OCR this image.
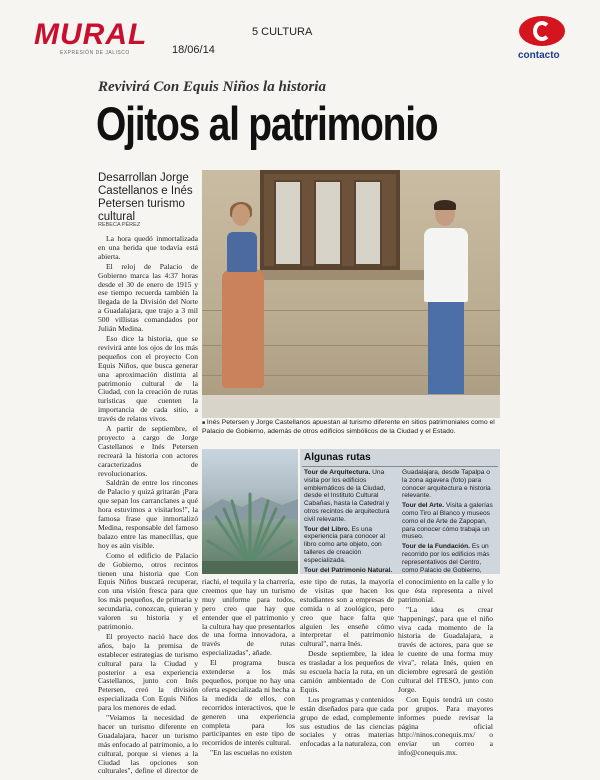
MURAL
EXPRESIÓN DE JALISCO	18/06/14
5 CULTURA
contacto
Revivirá Con Equis Niños la historia
Ojitos al patrimonio
Desarrollan Jorge Castellanos e Inés Petersen turismo cultural
REBECA PÉREZ
■ Inés Petersen y Jorge Castellanos apuestan al turismo diferente en sitios patrimoniales como el Palacio de Gobierno, además de otros edificios simbólicos de la Ciudad y el Estado.
Algunas rutas

Tour de Arquitectura. Una visita por los edificios emblemáticos de la Ciudad, desde el Instituto Cultural Cabañas, hasta la Catedral y otros recintos de arquitectura civil relevante.

Tour del Libro. Es una experiencia para conocer al libro como arte objeto, con talleres de creación especializada.

Tour del Patrimonio Natural.

Guadalajara, desde Tapalpa o la zona agavera (foto) para conocer arquitectura e historia relevante.

Tour del Arte. Visita a galerías como Tiro al Blanco y museos como el de Arte de Zapopan, para conocer cómo trabaja un museo.

Tour de la Fundación. Es un recorrido por los edificios más representativos del Centro, como Palacio de Gobierno,

La hora quedó inmortalizada en una herida que todavía está abierta.

El reloj de Palacio de Gobierno marca las 4:37 horas desde el 30 de enero de 1915 y ese tiempo recuerda también la llegada de la División del Norte a Guadalajara, que trajo a 3 mil 500 villistas comandados por Julián Medina.

Eso dice la historia, que se revivirá ante los ojos de los más pequeños con el proyecto Con Equis Niños, que busca generar una aproximación distinta al patrimonio cultural de la Ciudad, con la creación de rutas turísticas que cuenten la importancia de cada sitio, a través de relatos vivos.

A partir de septiembre, el proyecto a cargo de Jorge Castellanos e Inés Petersen recreará la historia con actores caracterizados de revolucionarios.

Saldrán de entre los rincones de Palacio y quizá gritarán ¡Para que sepan los carranclanes a qué hora estuvimos a visitarlos!", la famosa frase que inmortalizó Medina, responsable del famoso balazo entre las manecillas, que hoy es aún visible.

Como el edificio de Palacio de Gobierno, otros recintos tienen una historia que Con Equis Niños buscará recuperar, con una visión fresca para que los más pequeños, de primaria y secundaria, conozcan, quieran y valoren su historia y el patrimonio.

El proyecto nació hace dos años, bajo la premisa de establecer estrategias de turismo cultural para la Ciudad y posterior a esa experiencia Castellanos, junto con Inés Petersen, creó la división especializada Con Equis Niños para los menores de edad.

"Veíamos la necesidad de hacer un turismo diferente en Guadalajara, hacer un turismo más enfocado al patrimonio, a lo cultural, porque si vienes a la Ciudad las opciones son culturales", define el director de

riachi, el tequila y la charrería, creemos que hay un turismo muy uniforme para todos, pero creo que hay que entender que el patrimonio y la cultura hay que presentarlos de una forma innovadora, a través de rutas especializadas", añade.

El programa busca extenderse a los más pequeños, porque no hay una oferta especializada ni hecha a la medida de ellos, con recorridos interactivos, que le generen una experiencia completa para los participantes en este tipo de recorridos de interés cultural.

"En las escuelas no existen

este tipo de rutas, la mayoría de visitas que hacen los estudiantes son a empresas de comida o al zoológico, pero creo que hace falta que alguien les enseñe cómo interpretar el patrimonio cultural", narra Inés.

Desde septiembre, la idea es trasladar a los pequeños de su escuela hacia la ruta, en un camión ambientado de Con Equis.

Los programas y contenidos están diseñados para que cada grupo de edad, complemente sus estudios de las ciencias sociales y otras materias enfocadas a la naturaleza, con

el conocimiento en la calle y lo que ésta representa a nivel patrimonial.

"La idea es crear 'happenings', para que el niño viva cada momento de la historia de Guadalajara, a través de actores, para que se le cuente de una forma muy viva", relata Inés, quien en diciembre egresará de gestión cultural del ITESO, junto con Jorge.

Con Equis tendrá un costo por grupos. Para mayores informes puede revisar la página oficial http://ninos.conequis.mx/ o enviar un correo a info@conequis.mx.
